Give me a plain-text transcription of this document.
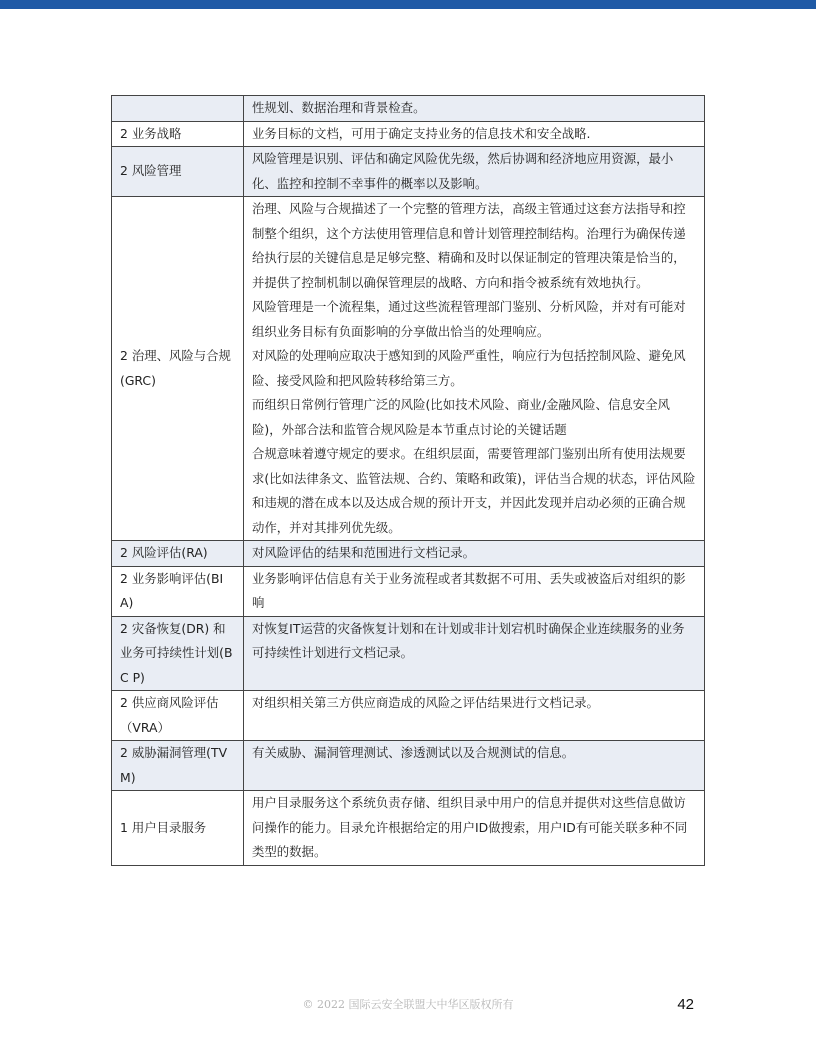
	性规划、数据治理和背景检查。

2 业务战略	业务目标的文档，可用于确定支持业务的信息技术和安全战略.

2 风险管理	风险管理是识别、评估和确定风险优先级，然后协调和经济地应用资源，最小化、监控和控制不幸事件的概率以及影响。

2 治理、风险与合规(GRC)	治理、风险与合规描述了一个完整的管理方法，高级主管通过这套方法指导和控制整个组织，这个方法使用管理信息和曾计划管理控制结构。治理行为确保传递给执行层的关键信息是足够完整、精确和及时以保证制定的管理决策是恰当的，并提供了控制机制以确保管理层的战略、方向和指令被系统有效地执行。
风险管理是一个流程集，通过这些流程管理部门鉴别、分析风险，并对有可能对组织业务目标有负面影响的分享做出恰当的处理响应。
对风险的处理响应取决于感知到的风险严重性，响应行为包括控制风险、避免风险、接受风险和把风险转移给第三方。
而组织日常例行管理广泛的风险(比如技术风险、商业/金融风险、信息安全风险)，外部合法和监管合规风险是本节重点讨论的关键话题
合规意味着遵守规定的要求。在组织层面，需要管理部门鉴别出所有使用法规要求(比如法律条文、监管法规、合约、策略和政策)，评估当合规的状态，评估风险和违规的潜在成本以及达成合规的预计开支，并因此发现并启动必须的正确合规动作，并对其排列优先级。

2 风险评估(RA)	对风险评估的结果和范围进行文档记录。

2 业务影响评估(BIA)	业务影响评估信息有关于业务流程或者其数据不可用、丢失或被盗后对组织的影响

2 灾备恢复(DR) 和业务可持续性计划(BC P)	对恢复IT运营的灾备恢复计划和在计划或非计划宕机时确保企业连续服务的业务可持续性计划进行文档记录。

2 供应商风险评估（VRA）	对组织相关第三方供应商造成的风险之评估结果进行文档记录。

2 威胁漏洞管理(TVM)	有关威胁、漏洞管理测试、渗透测试以及合规测试的信息。

1 用户目录服务	用户目录服务这个系统负责存储、组织目录中用户的信息并提供对这些信息做访问操作的能力。目录允许根据给定的用户ID做搜索，用户ID有可能关联多种不同类型的数据。
© 2022 国际云安全联盟大中华区版权所有	42
